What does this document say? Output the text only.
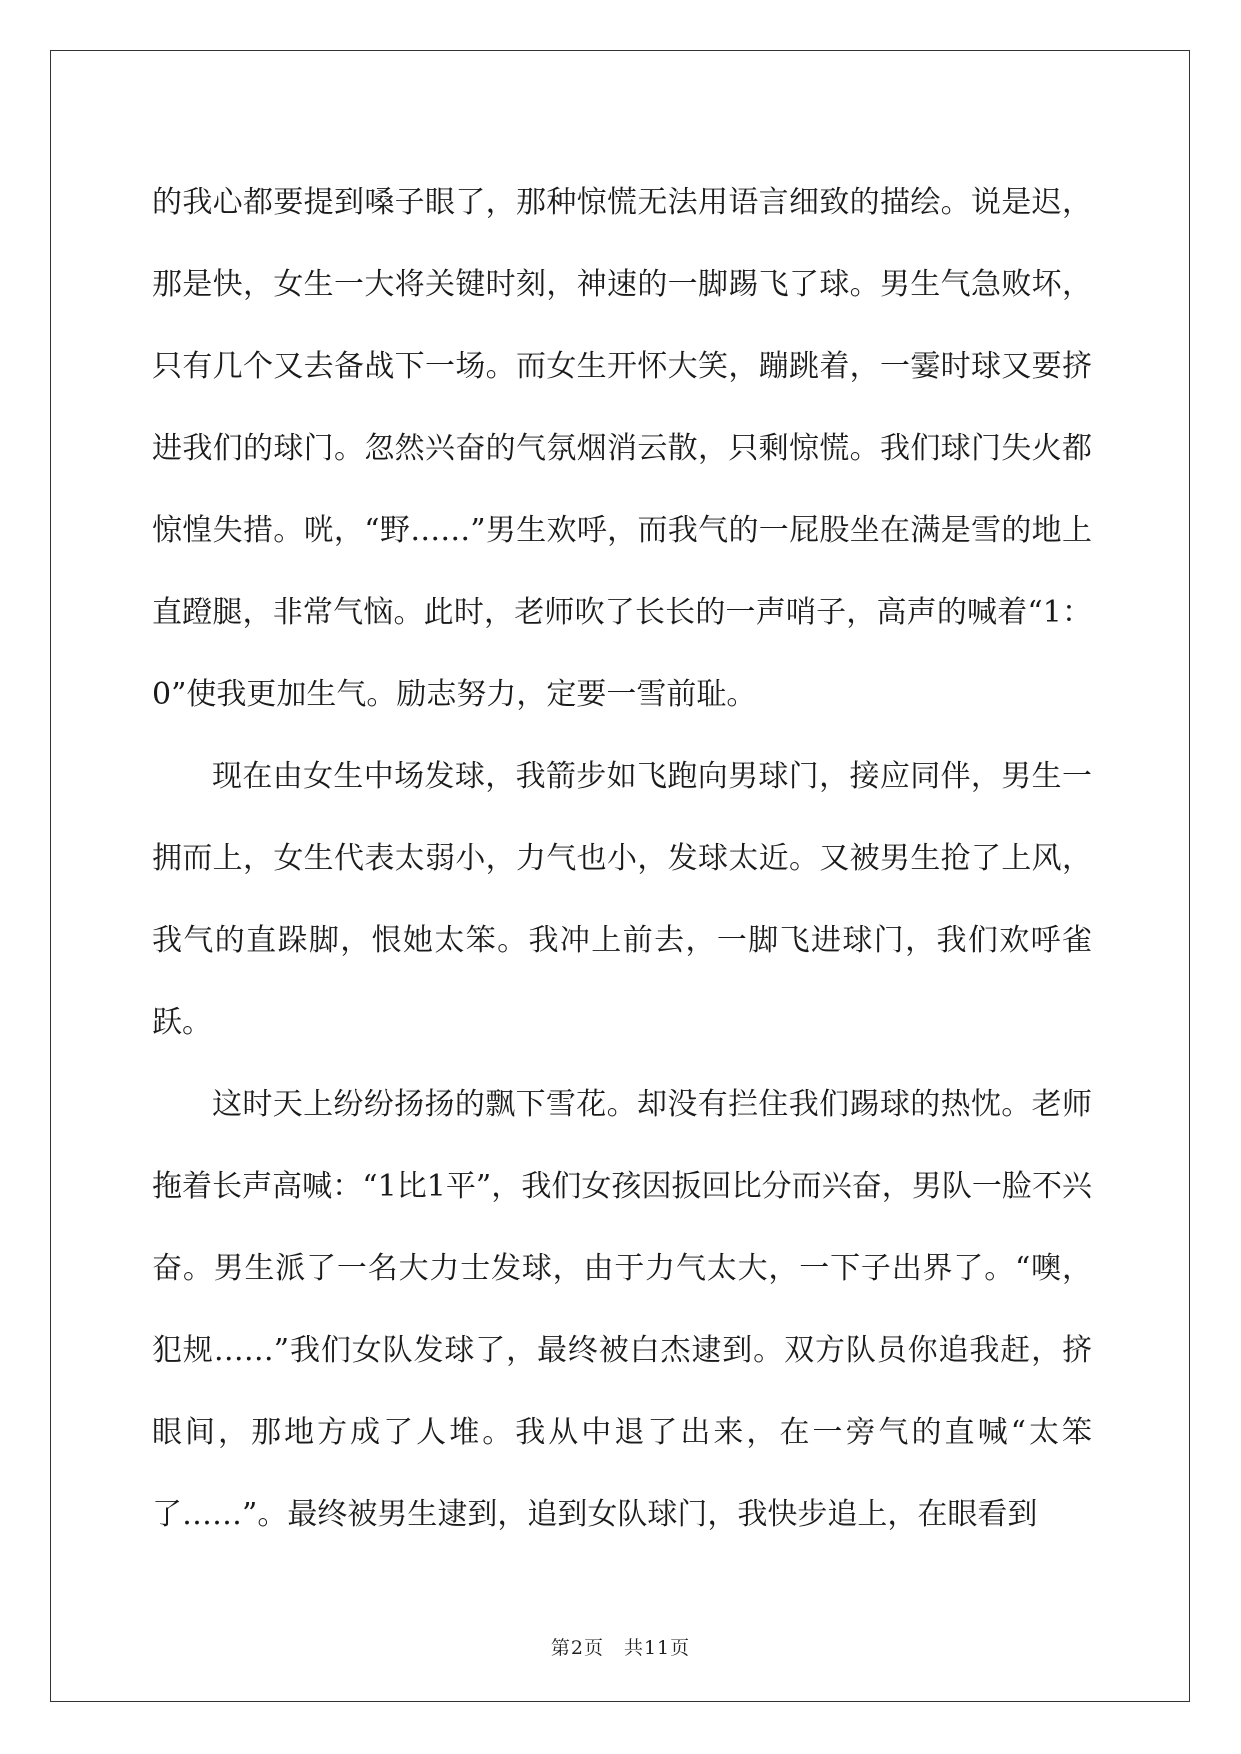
的我心都要提到嗓子眼了，那种惊慌无法用语言细致的描绘。说是迟，那是快，女生一大将关键时刻，神速的一脚踢飞了球。男生气急败坏，只有几个又去备战下一场。而女生开怀大笑，蹦跳着，一霎时球又要挤进我们的球门。忽然兴奋的气氛烟消云散，只剩惊慌。我们球门失火都惊惶失措。咣，“野……”男生欢呼，而我气的一屁股坐在满是雪的地上直蹬腿，非常气恼。此时，老师吹了长长的一声哨子，高声的喊着“1：0”使我更加生气。励志努力，定要一雪前耻。

现在由女生中场发球，我箭步如飞跑向男球门，接应同伴，男生一拥而上，女生代表太弱小，力气也小，发球太近。又被男生抢了上风，我气的直跺脚，恨她太笨。我冲上前去，一脚飞进球门，我们欢呼雀跃。

这时天上纷纷扬扬的飘下雪花。却没有拦住我们踢球的热忱。老师拖着长声高喊：“1比1平”，我们女孩因扳回比分而兴奋，男队一脸不兴奋。男生派了一名大力士发球，由于力气太大，一下子出界了。“噢，犯规……”我们女队发球了，最终被白杰逮到。双方队员你追我赶，挤眼间，那地方成了人堆。我从中退了出来，在一旁气的直喊“太笨了……”。最终被男生逮到，追到女队球门，我快步追上，在眼看到

第2页　共11页
